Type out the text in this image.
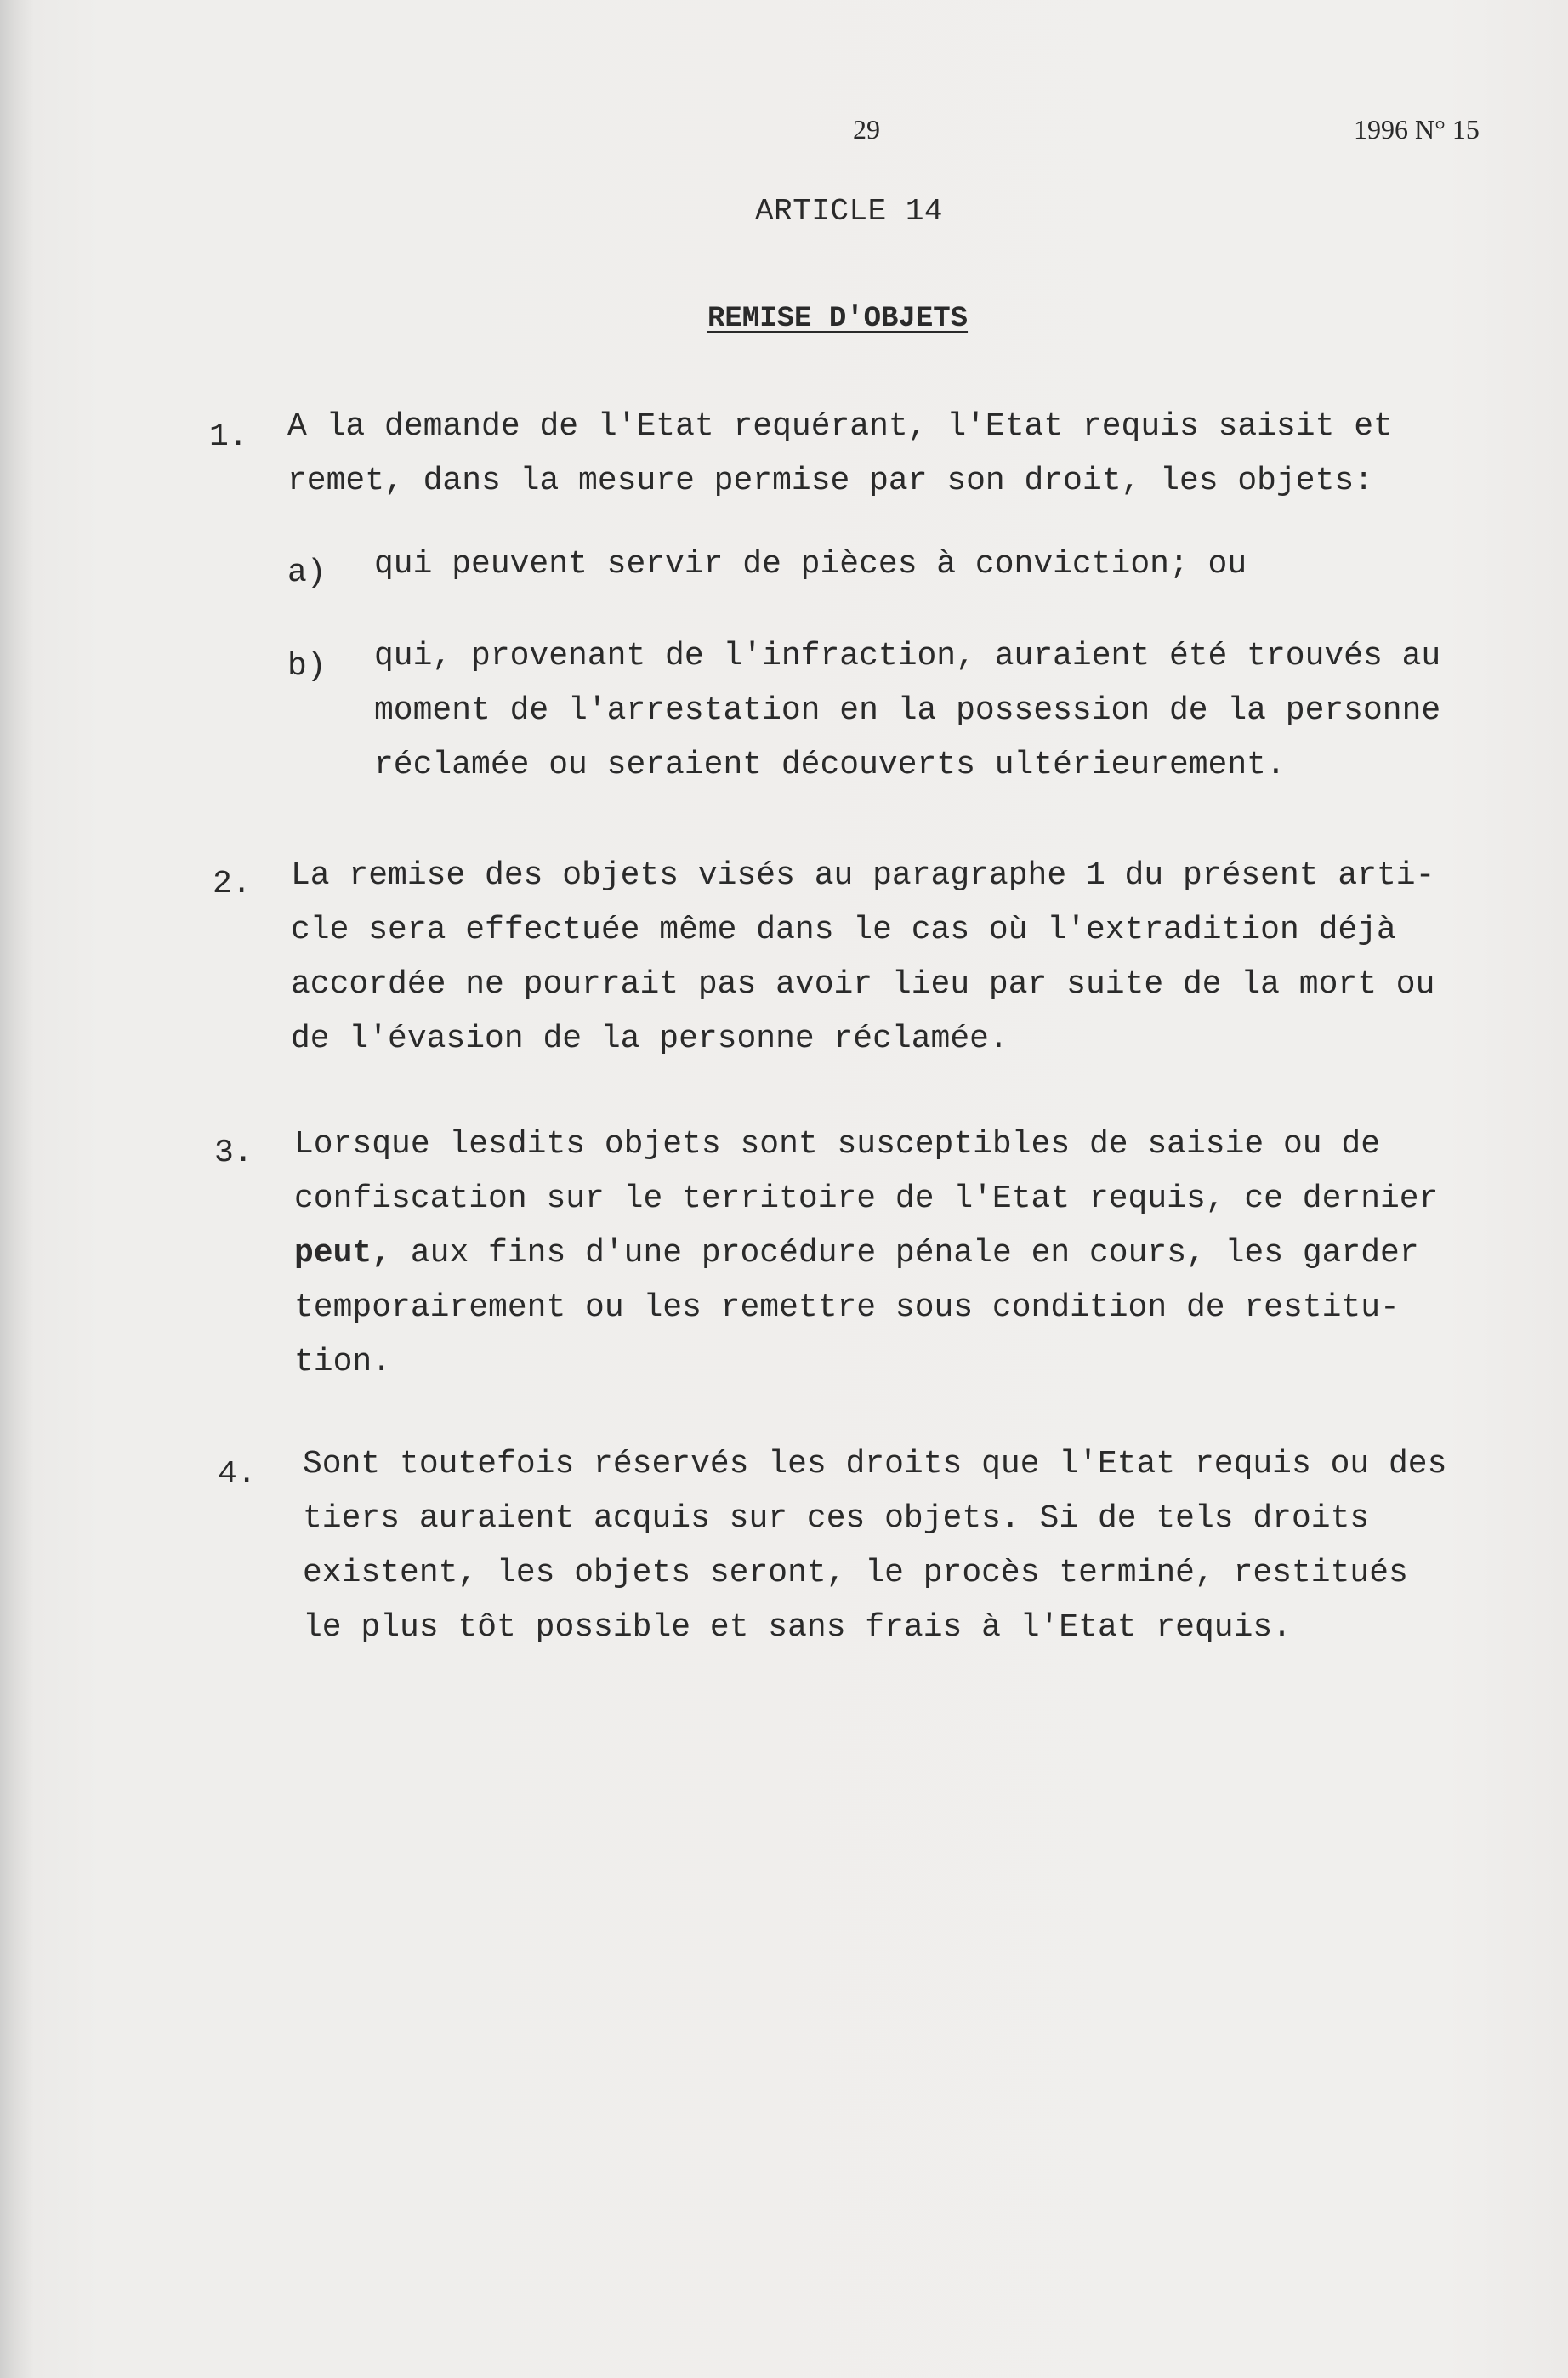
29	1996 N° 15
ARTICLE 14
REMISE D'OBJETS
1. A la demande de l'Etat requérant, l'Etat requis saisit et
remet, dans la mesure permise par son droit, les objets:
a) qui peuvent servir de pièces à conviction; ou
b) qui, provenant de l'infraction, auraient été trouvés au
moment de l'arrestation en la possession de la personne
réclamée ou seraient découverts ultérieurement.
2. La remise des objets visés au paragraphe 1 du présent arti-
cle sera effectuée même dans le cas où l'extradition déjà
accordée ne pourrait pas avoir lieu par suite de la mort ou
de l'évasion de la personne réclamée.
3. Lorsque lesdits objets sont susceptibles de saisie ou de
confiscation sur le territoire de l'Etat requis, ce dernier
peut, aux fins d'une procédure pénale en cours, les garder
temporairement ou les remettre sous condition de restitu-
tion.
4. Sont toutefois réservés les droits que l'Etat requis ou des
tiers auraient acquis sur ces objets. Si de tels droits
existent, les objets seront, le procès terminé, restitués
le plus tôt possible et sans frais à l'Etat requis.
